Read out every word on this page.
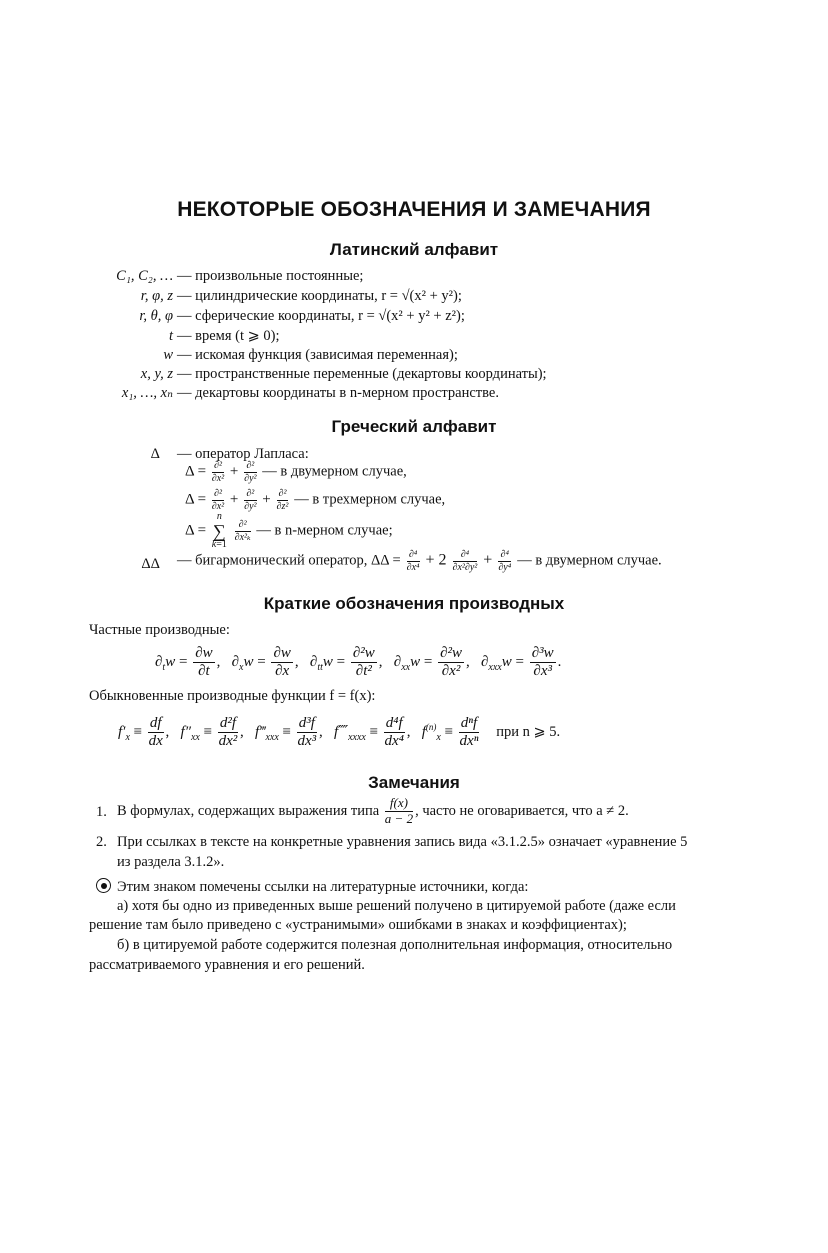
НЕКОТОРЫЕ ОБОЗНАЧЕНИЯ И ЗАМЕЧАНИЯ
Латинский алфавит
C₁, C₂, … — произвольные постоянные;
r, φ, z — цилиндрические координаты, r = √(x² + y²);
r, θ, φ — сферические координаты, r = √(x² + y² + z²);
t — время (t ⩾ 0);
w — искомая функция (зависимая переменная);
x, y, z — пространственные переменные (декартовы координаты);
x₁, …, xₙ — декартовы координаты в n-мерном пространстве.
Греческий алфавит
Δ — оператор Лапласа:
$\Delta = \frac{\text{∂²}}{\text{∂x²}} + \frac{\text{∂²}}{\text{∂y²}}$ — в двумерном случае,
$\Delta = \frac{\text{∂²}}{\text{∂x²}} + \frac{\text{∂²}}{\text{∂y²}} + \frac{\text{∂²}}{\text{∂z²}}$ — в трехмерном случае,
Δ = n
∑
k=1
$\frac{\text{∂²}}{\text{∂x²ₖ}}$ — в n-мерном случае;
ΔΔ — бигармонический оператор, $\Delta\Delta = \frac{\text{∂⁴}}{\text{∂x⁴}} + 2 \frac{\text{∂⁴}}{\text{∂x²∂y²}} + \frac{\text{∂⁴}}{\text{∂y⁴}}$ — в двумерном случае.
Краткие обозначения производных
Частные производные:
$\partial_tw = \frac{\partial w}{\partial t}$ ,   $\partial_xw = \frac{\partial w}{\partial x}$ ,   $\partial_{tt}w = \frac{\text{∂²w}}{\text{∂t²}}$ ,   $\partial_{xx}w = \frac{\text{∂²w}}{\text{∂x²}}$ ,   $\partial_{xxx}w = \frac{\text{∂³w}}{\text{∂x³}}$ .
Обыкновенные производные функции f = f(x):
$f'_x \equiv \frac{df}{dx}$ ,   $f''_{xx} \equiv \frac{\text{d²f}}{\text{dx²}}$ ,   $f‴_{xxx} \equiv \frac{\text{d³f}}{\text{dx³}}$ ,   $f⁗_{xxxx} \equiv \frac{\text{d⁴f}}{\text{dx⁴}}$ ,   $f^{(n)}_x \equiv \frac{\text{dⁿf}}{\text{dxⁿ}}$ при n ⩾ 5.
Замечания
1. В формулах, содержащих выражения типа $\frac{f(x)}{a - 2}$ , часто не оговаривается, что a ≠ 2.
2. При ссылках в тексте на конкретные уравнения запись вида «3.1.2.5» означает «уравнение 5
из раздела 3.1.2».
Этим знаком помечены ссылки на литературные источники, когда:
а) хотя бы одно из приведенных выше решений получено в цитируемой работе (даже если
решение там было приведено с «устранимыми» ошибками в знаках и коэффициентах);
б) в цитируемой работе содержится полезная дополнительная информация, относительно
рассматриваемого уравнения и его решений.
